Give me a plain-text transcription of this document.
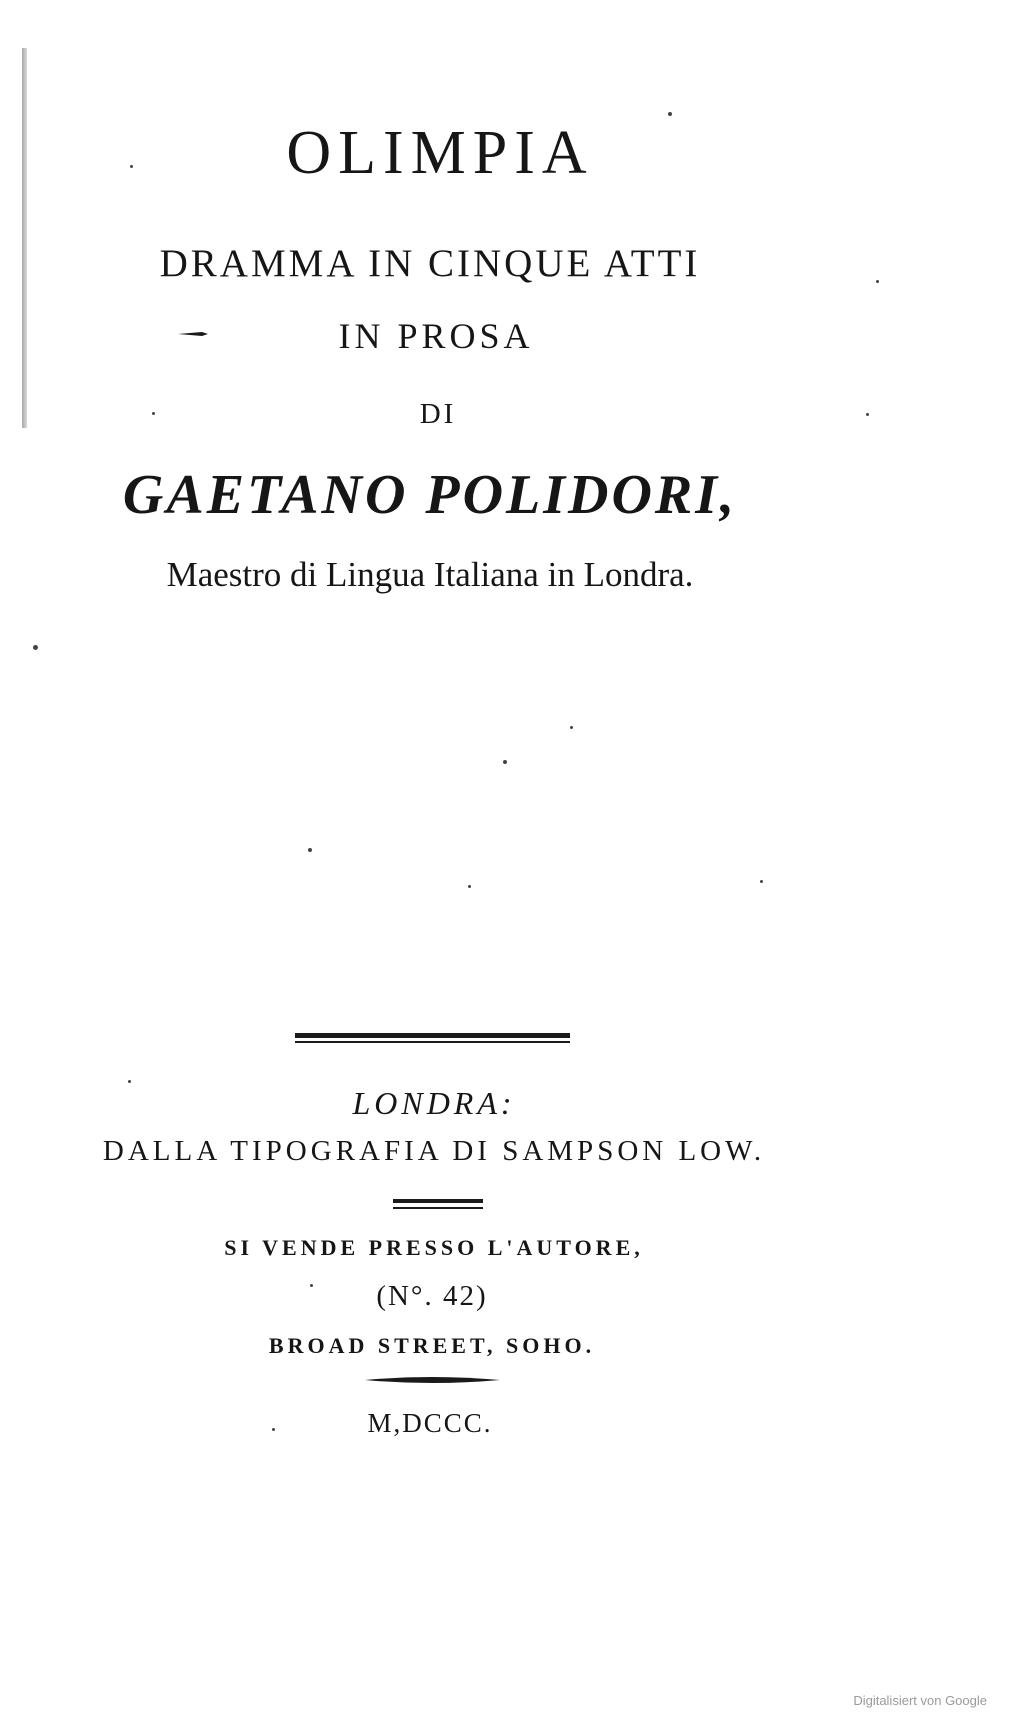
OLIMPIA
DRAMMA IN CINQUE ATTI
IN PROSA
DI
GAETANO POLIDORI,
Maestro di Lingua Italiana in Londra.
LONDRA:
DALLA TIPOGRAFIA DI SAMPSON LOW.
SI VENDE PRESSO L'AUTORE,
(N°. 42)
BROAD STREET, SOHO.
M,DCCC.
Digitalisiert von Google
